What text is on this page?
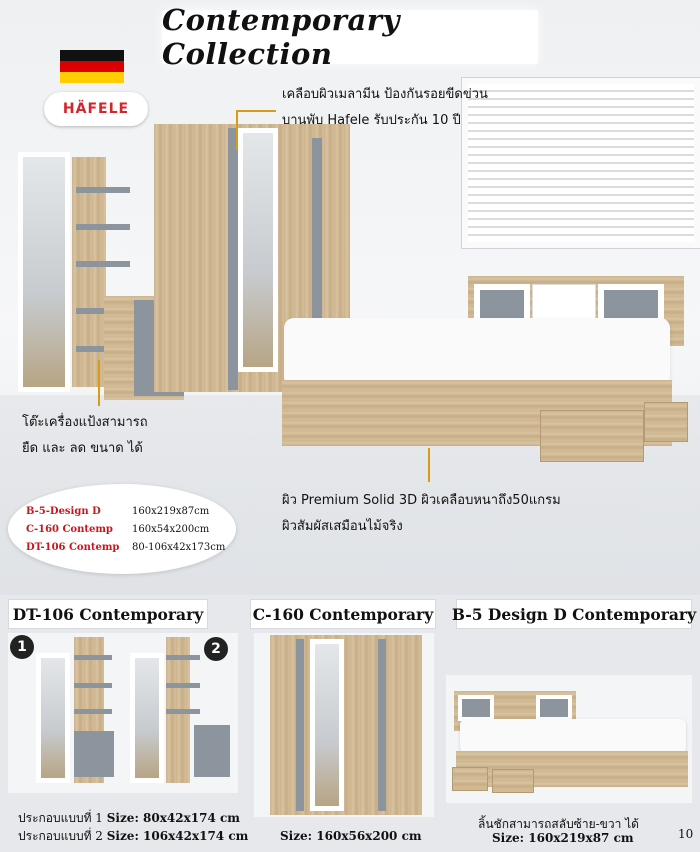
Contemporary Collection
HÄFELE
เคลือบผิวเมลามีน ป้องกันรอยขีดข่วน
บานพับ Hafele รับประกัน 10 ปี
โต๊ะเครื่องแป้งสามารถ
ยืด และ ลด ขนาด ได้
ผิว Premium Solid 3D ผิวเคลือบหนาถึง50แกรม
ผิวสัมผัสเสมือนไม้จริง
B-5-Design D	160x219x87cm
C-160 Contemp 160x54x200cm
DT-106 Contemp 80-106x42x173cm
DT-106 Contemporary
1	2
ประกอบแบบที่ 1 Size: 80x42x174 cm
ประกอบแบบที่ 2 Size: 106x42x174 cm
C-160 Contemporary
Size: 160x56x200 cm
B-5 Design D Contemporary
ลิ้นชักสามารถสลับซ้าย-ขวา ได้
Size: 160x219x87 cm	10
